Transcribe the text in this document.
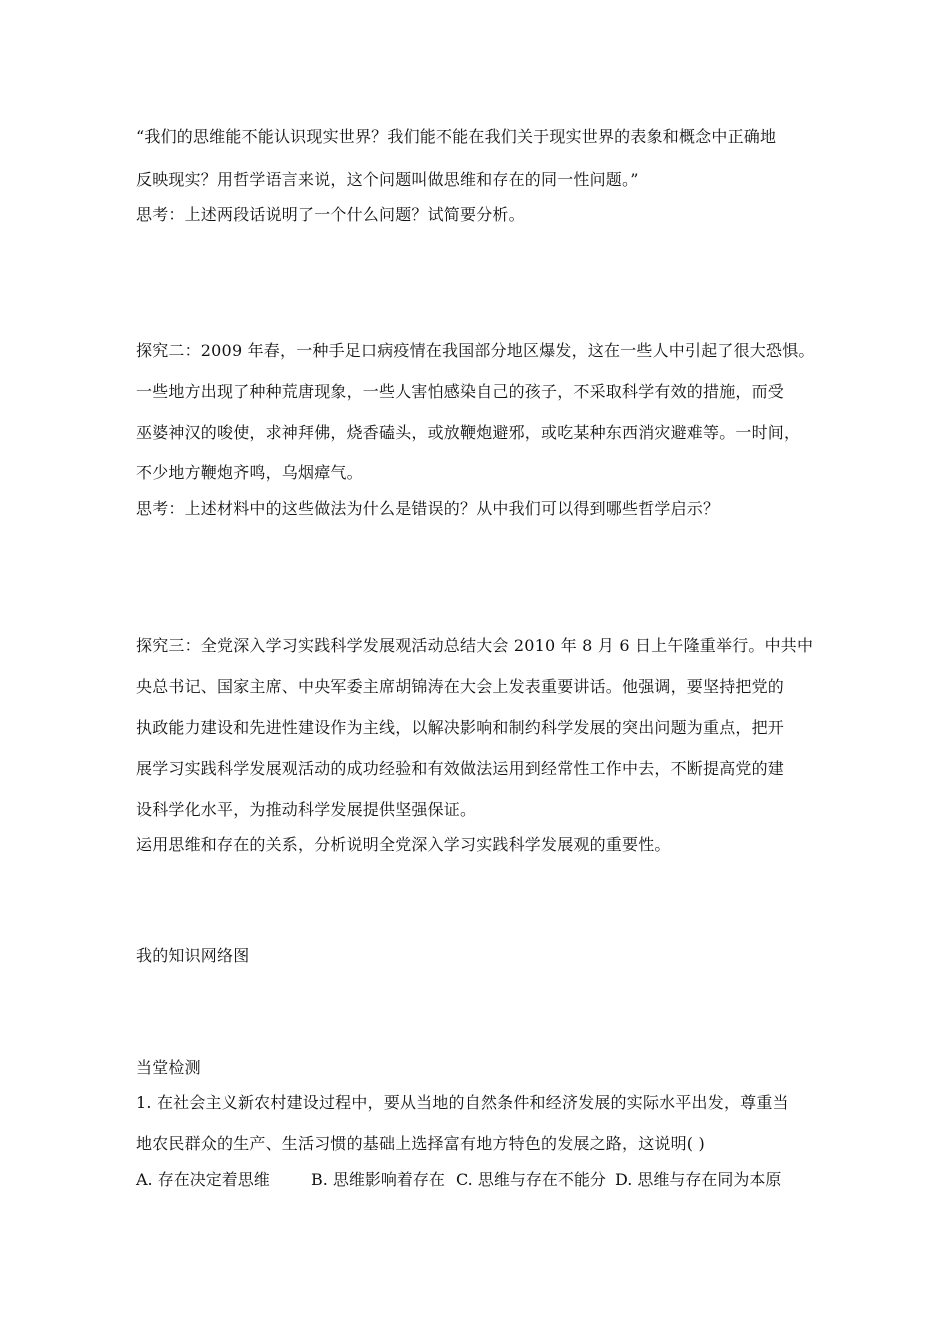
“我们的思维能不能认识现实世界？我们能不能在我们关于现实世界的表象和概念中正确地
反映现实？用哲学语言来说，这个问题叫做思维和存在的同一性问题。”
思考：上述两段话说明了一个什么问题？试简要分析。
探究二：2009 年春，一种手足口病疫情在我国部分地区爆发，这在一些人中引起了很大恐惧。
一些地方出现了种种荒唐现象，一些人害怕感染自己的孩子，不采取科学有效的措施，而受
巫婆神汉的唆使，求神拜佛，烧香磕头，或放鞭炮避邪，或吃某种东西消灾避难等。一时间，
不少地方鞭炮齐鸣，乌烟瘴气。
思考：上述材料中的这些做法为什么是错误的？从中我们可以得到哪些哲学启示？
探究三：全党深入学习实践科学发展观活动总结大会 2010 年 8 月 6 日上午隆重举行。中共中
央总书记、国家主席、中央军委主席胡锦涛在大会上发表重要讲话。他强调，要坚持把党的
执政能力建设和先进性建设作为主线，以解决影响和制约科学发展的突出问题为重点，把开
展学习实践科学发展观活动的成功经验和有效做法运用到经常性工作中去，不断提高党的建
设科学化水平，为推动科学发展提供坚强保证。
运用思维和存在的关系，分析说明全党深入学习实践科学发展观的重要性。
我的知识网络图
当堂检测
1. 在社会主义新农村建设过程中，要从当地的自然条件和经济发展的实际水平出发，尊重当
地农民群众的生产、生活习惯的基础上选择富有地方特色的发展之路，这说明( )
A. 存在决定着思维	B. 思维影响着存在 C. 思维与存在不能分 D. 思维与存在同为本原
